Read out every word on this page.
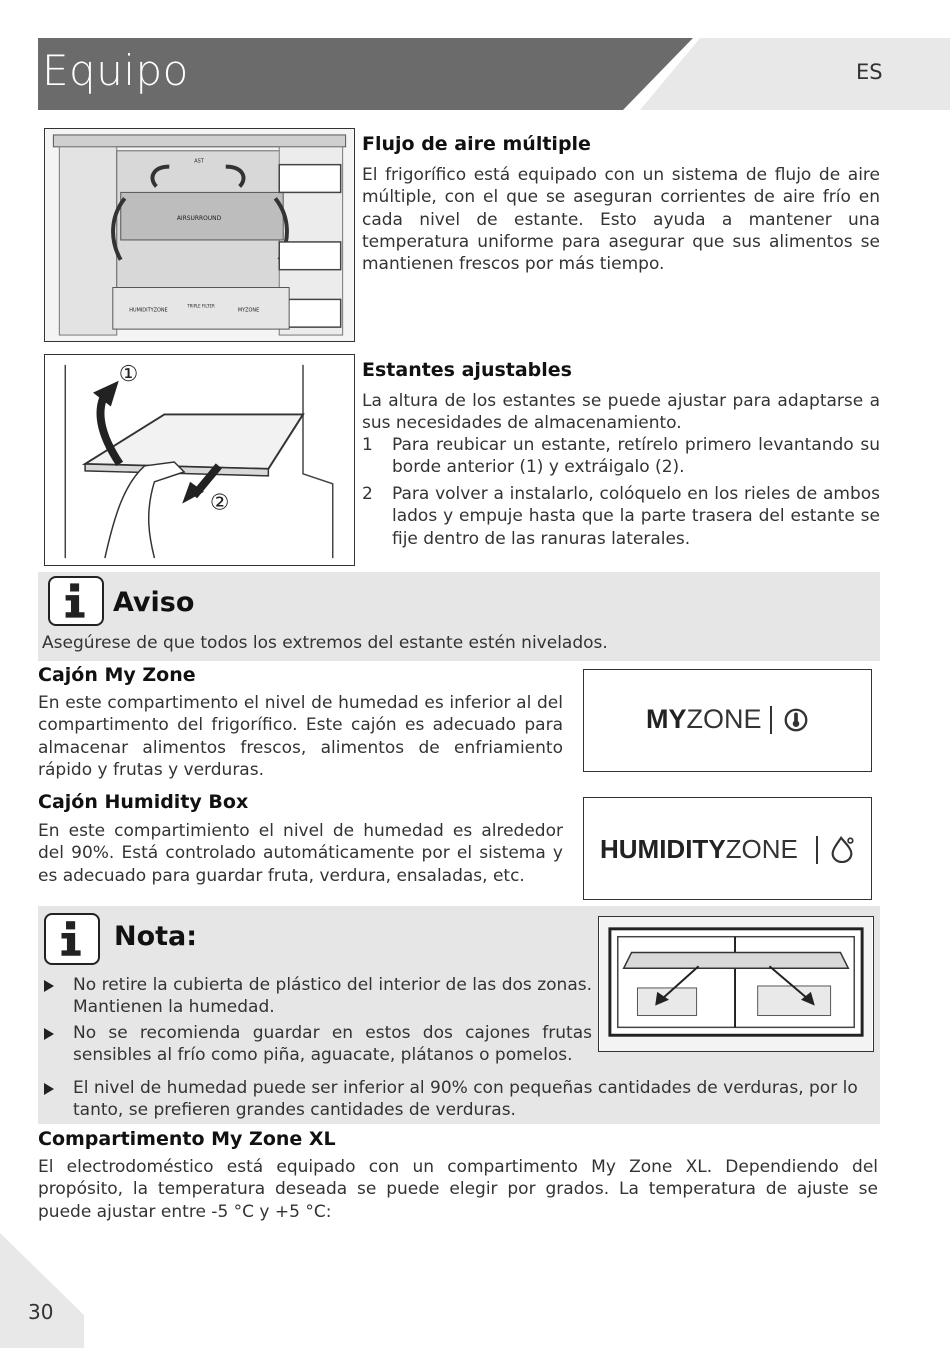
Equipo	ES
AIRSURROUND
AST
HUMIDITYZONE
TRIPLE FILTER
MYZONE
Flujo de aire múltiple
El frigorífico está equipado con un sistema de flujo de aire múltiple, con el que se aseguran corrientes de aire frío en cada nivel de estante. Esto ayuda a mantener una temperatura uniforme para asegurar que sus alimentos se mantienen frescos por más tiempo.
①
②
Estantes ajustables
La altura de los estantes se puede ajustar para adaptarse a sus necesidades de almacenamiento.
1 Para reubicar un estante, retírelo primero levantando su borde anterior (1) y extráigalo (2).
2 Para volver a instalarlo, colóquelo en los rieles de ambos lados y empuje hasta que la parte trasera del estante se fije dentro de las ranuras laterales.
Aviso
Asegúrese de que todos los extremos del estante estén nivelados.
Cajón My Zone
En este compartimento el nivel de humedad es inferior al del compartimento del frigorífico. Este cajón es adecuado para almacenar alimentos frescos, alimentos de enfriamiento rápido y frutas y verduras.
MYZONE
Cajón Humidity Box
En este compartimiento el nivel de humedad es alrededor del 90%. Está controlado automáticamente por el sistema y es adecuado para guardar fruta, verdura, ensaladas, etc.
HUMIDITYZONE
Nota:
No retire la cubierta de plástico del interior de las dos zonas. Mantienen la humedad.
No se recomienda guardar en estos dos cajones frutas sensibles al frío como piña, aguacate, plátanos o pomelos.
El nivel de humedad puede ser inferior al 90% con pequeñas cantidades de verduras, por lo tanto, se prefieren grandes cantidades de verduras.
Compartimento My Zone XL
El electrodoméstico está equipado con un compartimento My Zone XL. Dependiendo del propósito, la temperatura deseada se puede elegir por grados. La temperatura de ajuste se puede ajustar entre -5 °C y +5 °C:
30
